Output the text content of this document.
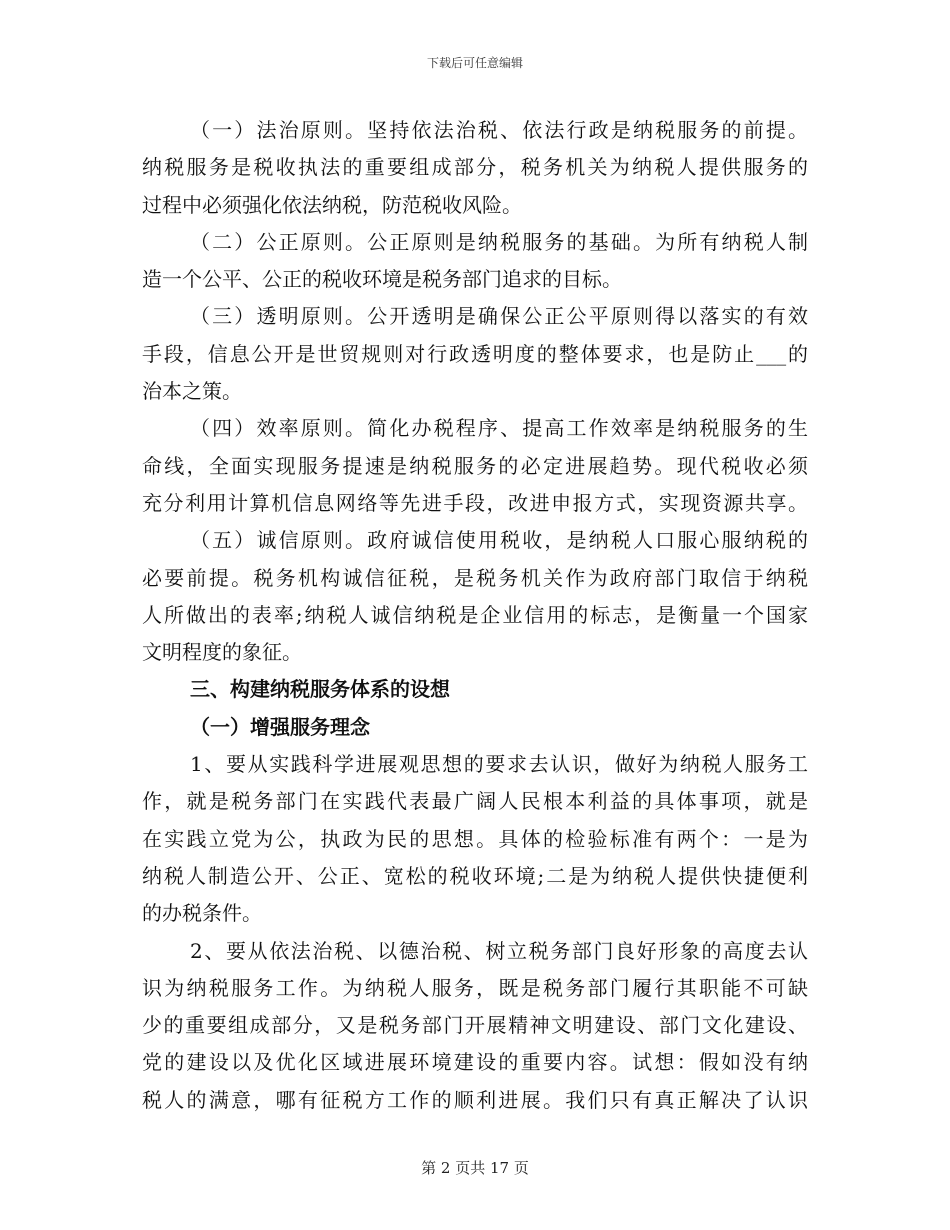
下载后可任意编辑
（一）法治原则。坚持依法治税、依法行政是纳税服务的前提。
纳税服务是税收执法的重要组成部分，税务机关为纳税人提供服务的
过程中必须强化依法纳税，防范税收风险。
（二）公正原则。公正原则是纳税服务的基础。为所有纳税人制
造一个公平、公正的税收环境是税务部门追求的目标。
（三）透明原则。公开透明是确保公正公平原则得以落实的有效
手段，信息公开是世贸规则对行政透明度的整体要求，也是防止___的
治本之策。
（四）效率原则。简化办税程序、提高工作效率是纳税服务的生
命线，全面实现服务提速是纳税服务的必定进展趋势。现代税收必须
充分利用计算机信息网络等先进手段，改进申报方式，实现资源共享。
（五）诚信原则。政府诚信使用税收，是纳税人口服心服纳税的
必要前提。税务机构诚信征税，是税务机关作为政府部门取信于纳税
人所做出的表率;纳税人诚信纳税是企业信用的标志，是衡量一个国家
文明程度的象征。
三、构建纳税服务体系的设想
（一）增强服务理念
1、要从实践科学进展观思想的要求去认识，做好为纳税人服务工
作，就是税务部门在实践代表最广阔人民根本利益的具体事项，就是
在实践立党为公，执政为民的思想。具体的检验标准有两个：一是为
纳税人制造公开、公正、宽松的税收环境;二是为纳税人提供快捷便利
的办税条件。
2、要从依法治税、以德治税、树立税务部门良好形象的高度去认
识为纳税服务工作。为纳税人服务，既是税务部门履行其职能不可缺
少的重要组成部分，又是税务部门开展精神文明建设、部门文化建设、
党的建设以及优化区域进展环境建设的重要内容。试想：假如没有纳
税人的满意，哪有征税方工作的顺利进展。我们只有真正解决了认识
第 2 页共 17 页
